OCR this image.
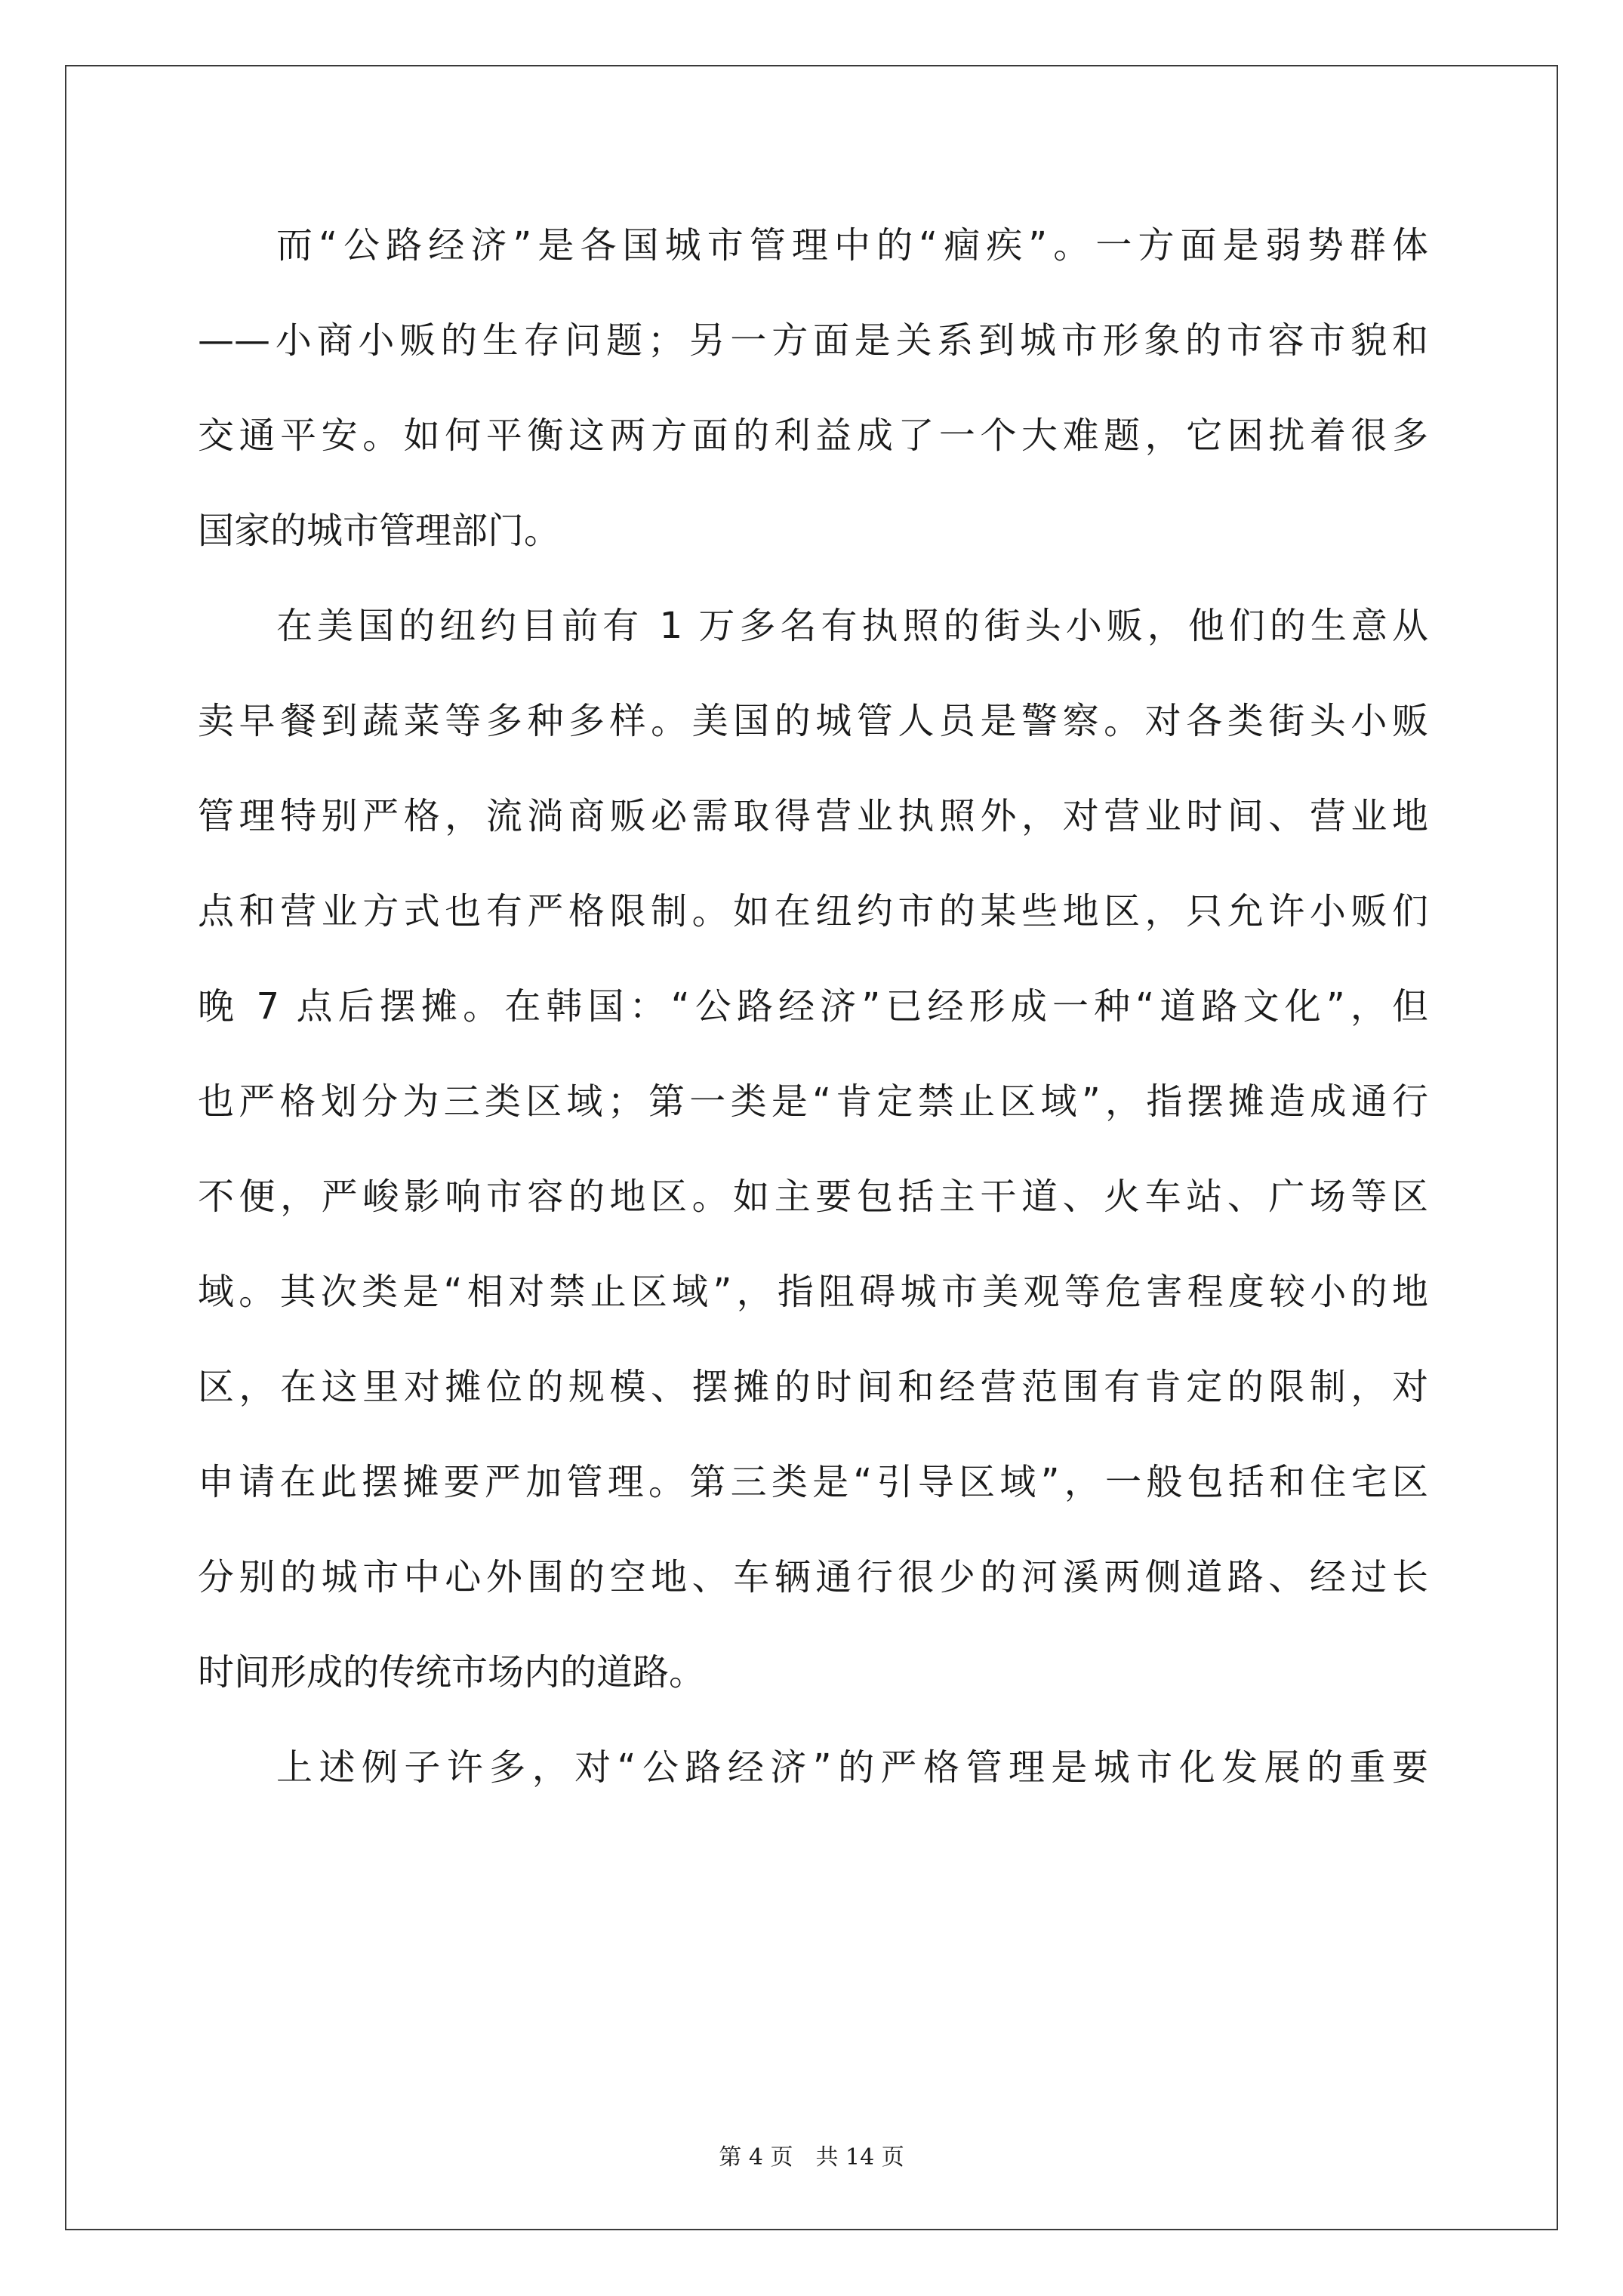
而“公路经济”是各国城市管理中的“痼疾”。一方面是弱势群体
——小商小贩的生存问题；另一方面是关系到城市形象的市容市貌和
交通平安。如何平衡这两方面的利益成了一个大难题，它困扰着很多
国家的城市管理部门。
在美国的纽约目前有 1 万多名有执照的街头小贩，他们的生意从
卖早餐到蔬菜等多种多样。美国的城管人员是警察。对各类街头小贩
管理特别严格，流淌商贩必需取得营业执照外，对营业时间、营业地
点和营业方式也有严格限制。如在纽约市的某些地区，只允许小贩们
晚 7 点后摆摊。在韩国：“公路经济”已经形成一种“道路文化”，但
也严格划分为三类区域；第一类是“肯定禁止区域”，指摆摊造成通行
不便，严峻影响市容的地区。如主要包括主干道、火车站、广场等区
域。其次类是“相对禁止区域”，指阻碍城市美观等危害程度较小的地
区，在这里对摊位的规模、摆摊的时间和经营范围有肯定的限制，对
申请在此摆摊要严加管理。第三类是“引导区域”，一般包括和住宅区
分别的城市中心外围的空地、车辆通行很少的河溪两侧道路、经过长
时间形成的传统市场内的道路。
上述例子许多，对“公路经济”的严格管理是城市化发展的重要
第 4 页　共 14 页
